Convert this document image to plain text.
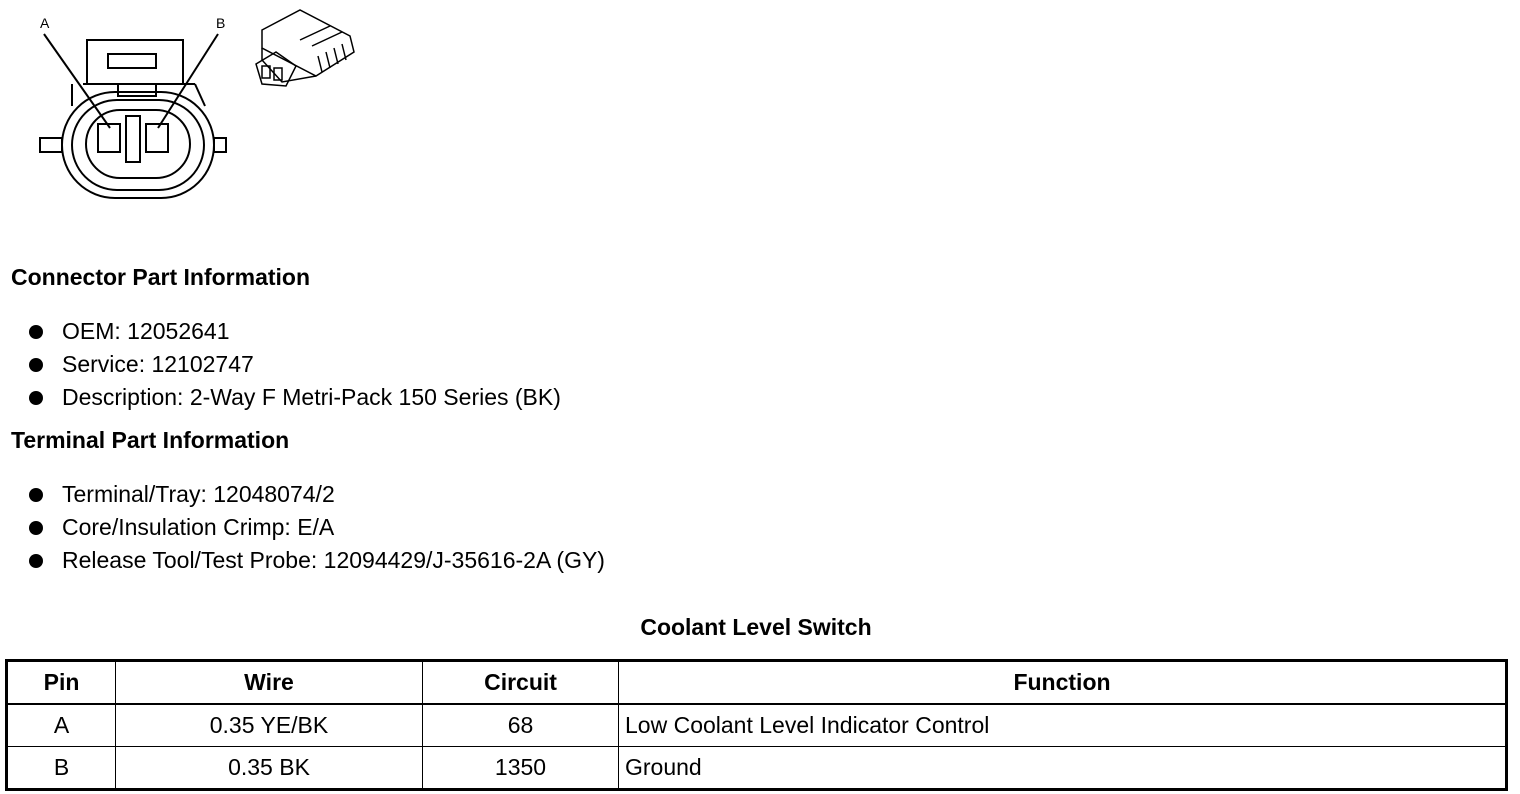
A	B
Connector Part Information
OEM: 12052641
Service: 12102747
Description: 2-Way F Metri-Pack 150 Series (BK)
Terminal Part Information
Terminal/Tray: 12048074/2
Core/Insulation Crimp: E/A
Release Tool/Test Probe: 12094429/J-35616-2A (GY)
Coolant Level Switch
Pin	Wire	Circuit	Function
A	0.35 YE/BK	68	Low Coolant Level Indicator Control
B	0.35 BK	1350	Ground
